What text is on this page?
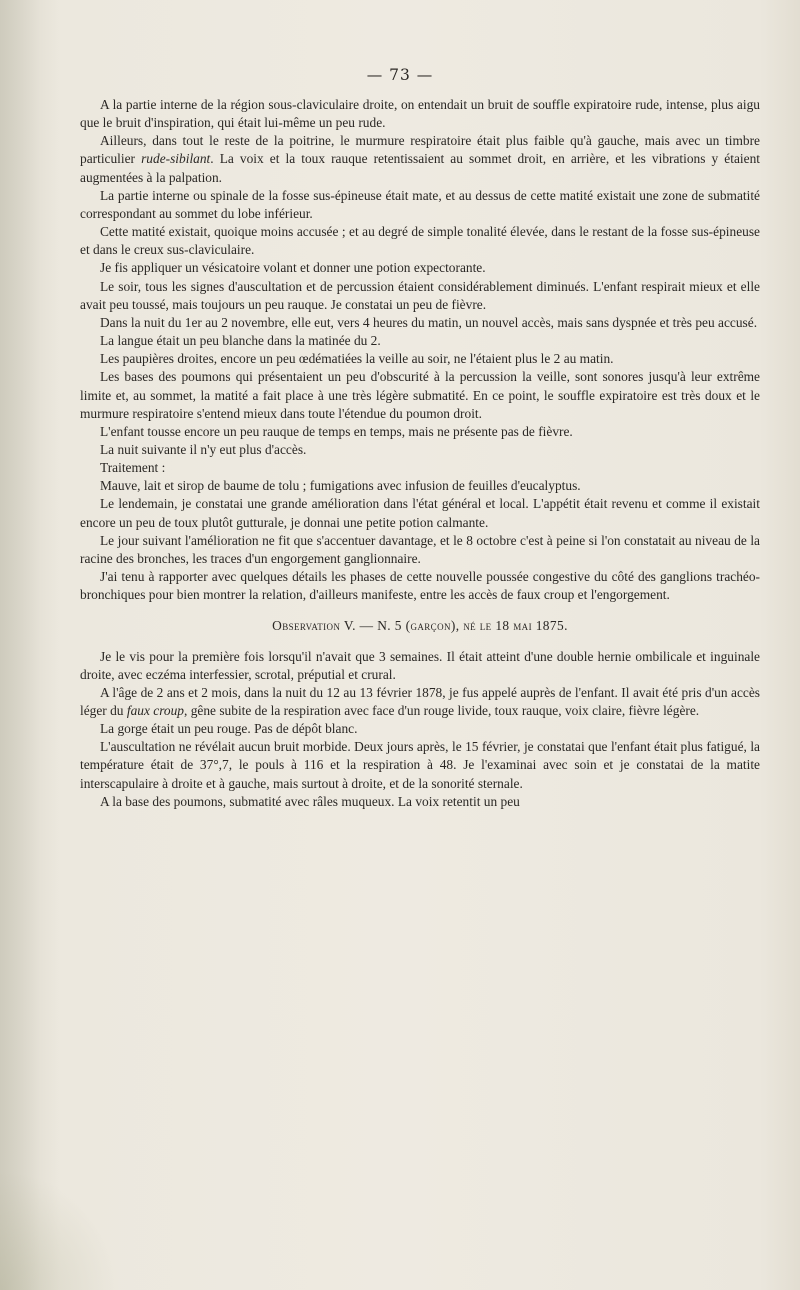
— 73 —

A la partie interne de la région sous-claviculaire droite, on entendait un bruit de souffle expiratoire rude, intense, plus aigu que le bruit d'inspiration, qui était lui-même un peu rude.

Ailleurs, dans tout le reste de la poitrine, le murmure respiratoire était plus faible qu'à gauche, mais avec un timbre particulier rude-sibilant. La voix et la toux rauque retentissaient au sommet droit, en arrière, et les vibrations y étaient augmentées à la palpation.

La partie interne ou spinale de la fosse sus-épineuse était mate, et au dessus de cette matité existait une zone de submatité correspondant au sommet du lobe inférieur.

Cette matité existait, quoique moins accusée ; et au degré de simple tonalité élevée, dans le restant de la fosse sus-épineuse et dans le creux sus-claviculaire.

Je fis appliquer un vésicatoire volant et donner une potion expectorante.

Le soir, tous les signes d'auscultation et de percussion étaient considérablement diminués. L'enfant respirait mieux et elle avait peu toussé, mais toujours un peu rauque. Je constatai un peu de fièvre.

Dans la nuit du 1er au 2 novembre, elle eut, vers 4 heures du matin, un nouvel accès, mais sans dyspnée et très peu accusé.

La langue était un peu blanche dans la matinée du 2.

Les paupières droites, encore un peu œdématiées la veille au soir, ne l'étaient plus le 2 au matin.

Les bases des poumons qui présentaient un peu d'obscurité à la percussion la veille, sont sonores jusqu'à leur extrême limite et, au sommet, la matité a fait place à une très légère submatité. En ce point, le souffle expiratoire est très doux et le murmure respiratoire s'entend mieux dans toute l'étendue du poumon droit.

L'enfant tousse encore un peu rauque de temps en temps, mais ne présente pas de fièvre.

La nuit suivante il n'y eut plus d'accès.

Traitement :

Mauve, lait et sirop de baume de tolu ; fumigations avec infusion de feuilles d'eucalyptus.

Le lendemain, je constatai une grande amélioration dans l'état général et local. L'appétit était revenu et comme il existait encore un peu de toux plutôt gutturale, je donnai une petite potion calmante.

Le jour suivant l'amélioration ne fit que s'accentuer davantage, et le 8 octobre c'est à peine si l'on constatait au niveau de la racine des bronches, les traces d'un engorgement ganglionnaire.

J'ai tenu à rapporter avec quelques détails les phases de cette nouvelle poussée congestive du côté des ganglions trachéo-bronchiques pour bien montrer la relation, d'ailleurs manifeste, entre les accès de faux croup et l'engorgement.

Observation V. — N. 5 (garçon), né le 18 mai 1875.

Je le vis pour la première fois lorsqu'il n'avait que 3 semaines. Il était atteint d'une double hernie ombilicale et inguinale droite, avec eczéma interfessier, scrotal, préputial et crural.

A l'âge de 2 ans et 2 mois, dans la nuit du 12 au 13 février 1878, je fus appelé auprès de l'enfant. Il avait été pris d'un accès léger du faux croup, gêne subite de la respiration avec face d'un rouge livide, toux rauque, voix claire, fièvre légère.

La gorge était un peu rouge. Pas de dépôt blanc.

L'auscultation ne révélait aucun bruit morbide. Deux jours après, le 15 février, je constatai que l'enfant était plus fatigué, la température était de 37°,7, le pouls à 116 et la respiration à 48. Je l'examinai avec soin et je constatai de la matite interscapulaire à droite et à gauche, mais surtout à droite, et de la sonorité sternale.

A la base des poumons, submatité avec râles muqueux. La voix retentit un peu
